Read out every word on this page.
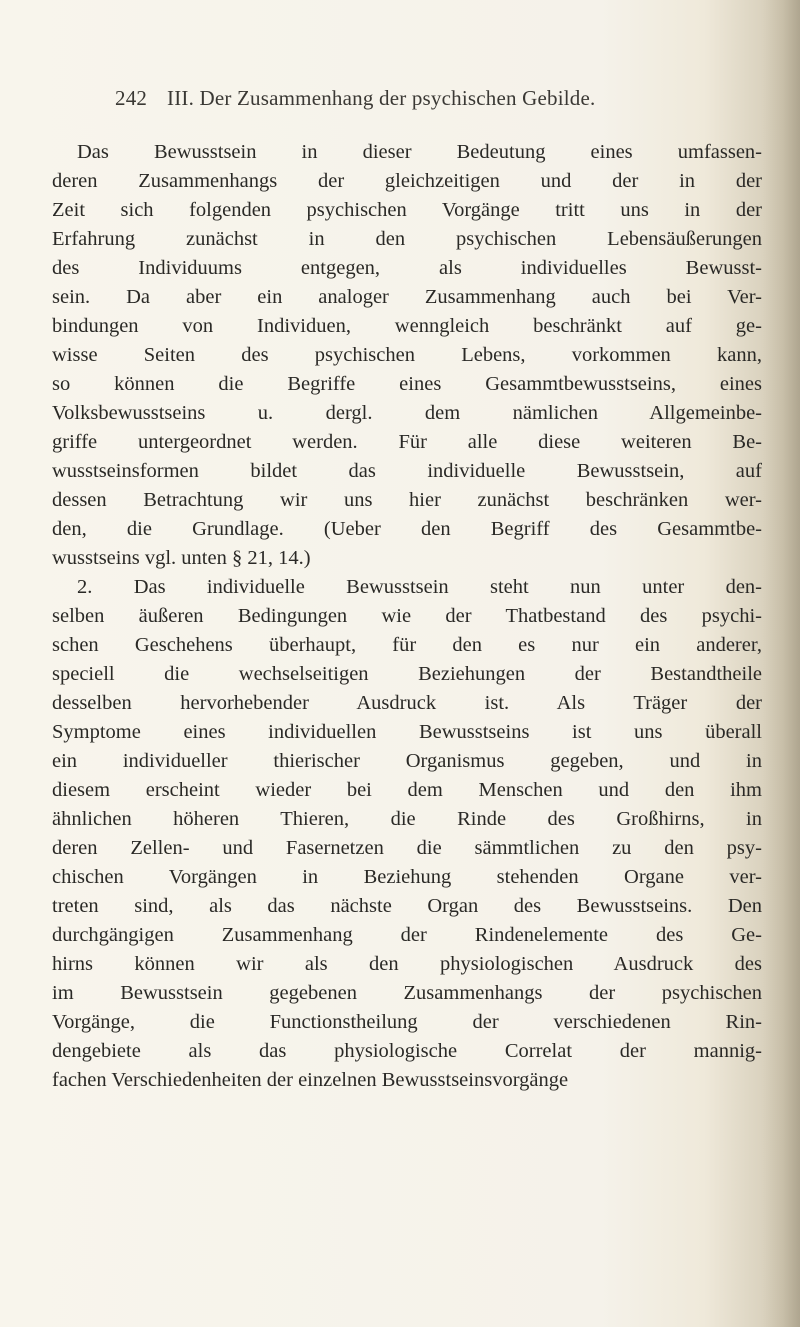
242 III. Der Zusammenhang der psychischen Gebilde.
Das Bewusstsein in dieser Bedeutung eines umfassen-
deren Zusammenhangs der gleichzeitigen und der in der
Zeit sich folgenden psychischen Vorgänge tritt uns in der
Erfahrung zunächst in den psychischen Lebensäußerungen
des Individuums entgegen, als individuelles Bewusst-
sein. Da aber ein analoger Zusammenhang auch bei Ver-
bindungen von Individuen, wenngleich beschränkt auf ge-
wisse Seiten des psychischen Lebens, vorkommen kann,
so können die Begriffe eines Gesammtbewusstseins, eines
Volksbewusstseins u. dergl. dem nämlichen Allgemeinbe-
griffe untergeordnet werden. Für alle diese weiteren Be-
wusstseinsformen bildet das individuelle Bewusstsein, auf
dessen Betrachtung wir uns hier zunächst beschränken wer-
den, die Grundlage. (Ueber den Begriff des Gesammtbe-
wusstseins vgl. unten § 21, 14.)
2. Das individuelle Bewusstsein steht nun unter den-
selben äußeren Bedingungen wie der Thatbestand des psychi-
schen Geschehens überhaupt, für den es nur ein anderer,
speciell die wechselseitigen Beziehungen der Bestandtheile
desselben hervorhebender Ausdruck ist. Als Träger der
Symptome eines individuellen Bewusstseins ist uns überall
ein individueller thierischer Organismus gegeben, und in
diesem erscheint wieder bei dem Menschen und den ihm
ähnlichen höheren Thieren, die Rinde des Großhirns, in
deren Zellen- und Fasernetzen die sämmtlichen zu den psy-
chischen Vorgängen in Beziehung stehenden Organe ver-
treten sind, als das nächste Organ des Bewusstseins. Den
durchgängigen Zusammenhang der Rindenelemente des Ge-
hirns können wir als den physiologischen Ausdruck des
im Bewusstsein gegebenen Zusammenhangs der psychischen
Vorgänge, die Functionstheilung der verschiedenen Rin-
dengebiete als das physiologische Correlat der mannig-
fachen Verschiedenheiten der einzelnen Bewusstseinsvorgänge
